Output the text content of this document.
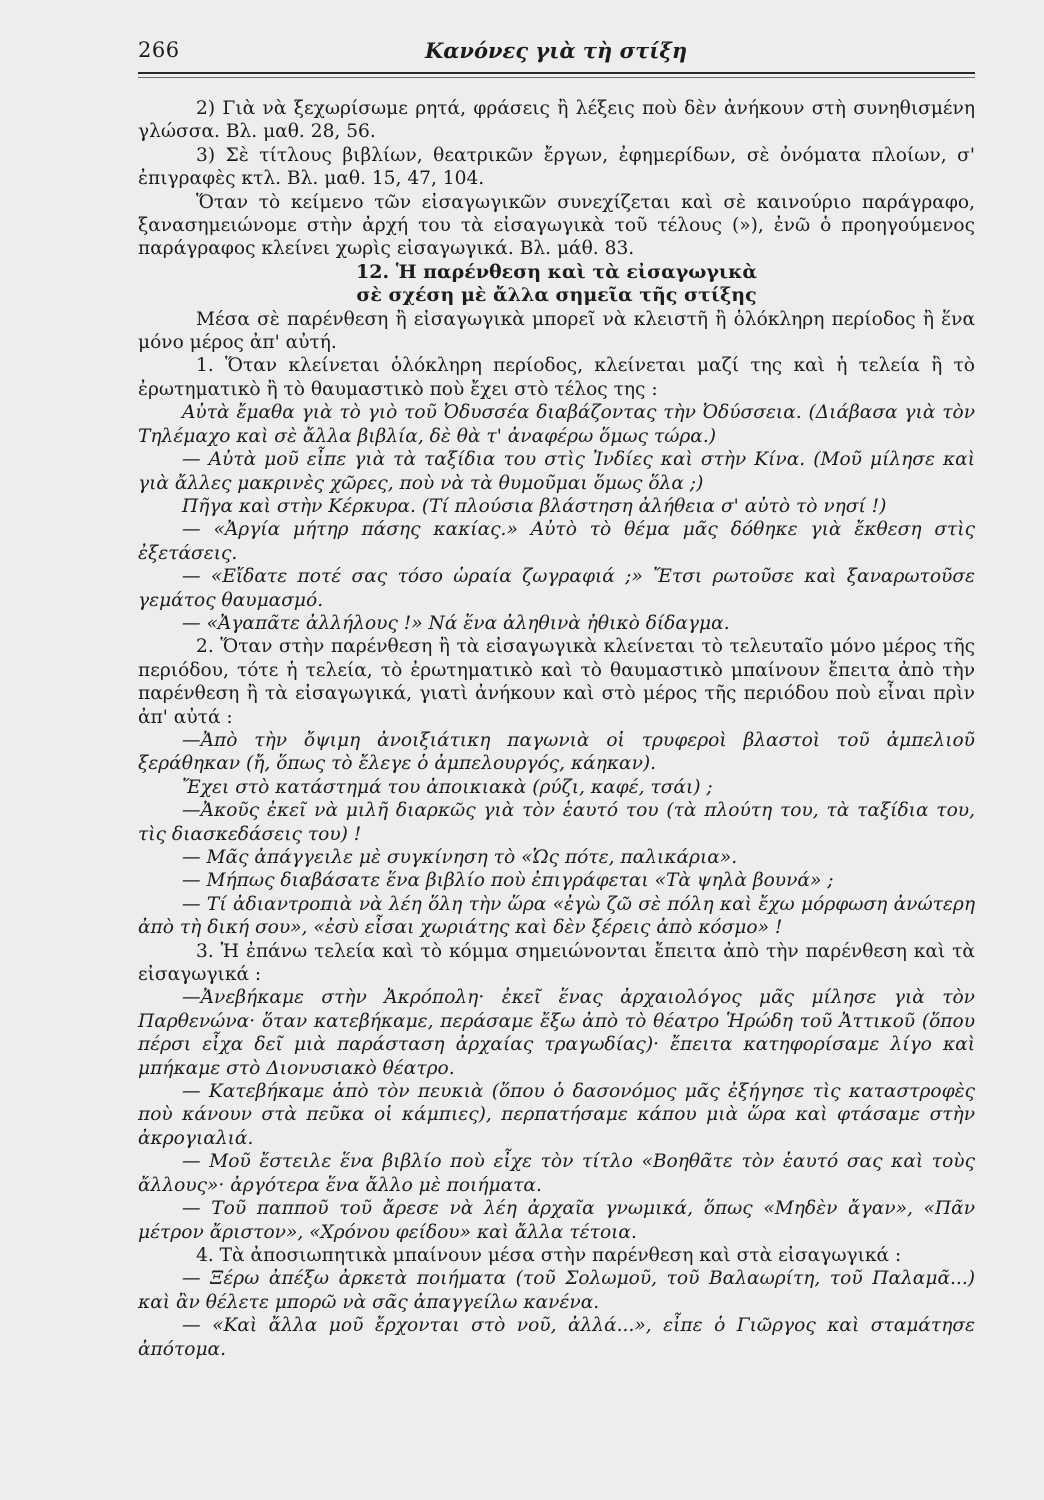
266	Κανόνες γιὰ τὴ στίξη

2) Γιὰ νὰ ξεχωρίσωμε ρητά, φράσεις ἢ λέξεις ποὺ δὲν ἀνήκουν στὴ συνηθισμένη γλώσσα. Βλ. μαθ. 28, 56.

3) Σὲ τίτλους βιβλίων, θεατρικῶν ἔργων, ἐφημερίδων, σὲ ὀνόματα πλοίων, σ' ἐπιγραφὲς κτλ. Βλ. μαθ. 15, 47, 104.

Ὅταν τὸ κείμενο τῶν εἰσαγωγικῶν συνεχίζεται καὶ σὲ καινούριο παράγραφο, ξανασημειώνομε στὴν ἀρχή του τὰ εἰσαγωγικὰ τοῦ τέλους (»), ἐνῶ ὁ προηγούμενος παράγραφος κλείνει χωρὶς εἰσαγωγικά. Βλ. μάθ. 83.

12. Ἡ παρένθεση καὶ τὰ εἰσαγωγικὰ

σὲ σχέση μὲ ἄλλα σημεῖα τῆς στίξης

Μέσα σὲ παρένθεση ἢ εἰσαγωγικὰ μπορεῖ νὰ κλειστῆ ἢ ὁλόκληρη περίοδος ἢ ἕνα μόνο μέρος ἀπ' αὐτή.

1. Ὅταν κλείνεται ὁλόκληρη περίοδος, κλείνεται μαζί της καὶ ἡ τελεία ἢ τὸ ἐρωτηματικὸ ἢ τὸ θαυμαστικὸ ποὺ ἔχει στὸ τέλος της :

Αὐτὰ ἔμαθα γιὰ τὸ γιὸ τοῦ Ὀδυσσέα διαβάζοντας τὴν Ὀδύσσεια. (Διάβασα γιὰ τὸν Τηλέμαχο καὶ σὲ ἄλλα βιβλία, δὲ θὰ τ' ἀναφέρω ὅμως τώρα.)

— Αὐτὰ μοῦ εἶπε γιὰ τὰ ταξίδια του στὶς Ἰνδίες καὶ στὴν Κίνα. (Μοῦ μίλησε καὶ γιὰ ἄλλες μακρινὲς χῶρες, ποὺ νὰ τὰ θυμοῦμαι ὅμως ὅλα ;)

Πῆγα καὶ στὴν Κέρκυρα. (Τί πλούσια βλάστηση ἀλήθεια σ' αὐτὸ τὸ νησί !)

— «Ἀργία μήτηρ πάσης κακίας.» Αὐτὸ τὸ θέμα μᾶς δόθηκε γιὰ ἔκθεση στὶς ἐξετάσεις.

— «Εἴδατε ποτέ σας τόσο ὡραία ζωγραφιά ;» Ἔτσι ρωτοῦσε καὶ ξαναρωτοῦσε γεμάτος θαυμασμό.

— «Ἀγαπᾶτε ἀλλήλους !» Νά ἕνα ἀληθινὰ ἠθικὸ δίδαγμα.

2. Ὅταν στὴν παρένθεση ἢ τὰ εἰσαγωγικὰ κλείνεται τὸ τελευταῖο μόνο μέρος τῆς περιόδου, τότε ἡ τελεία, τὸ ἐρωτηματικὸ καὶ τὸ θαυμαστικὸ μπαίνουν ἔπειτα ἀπὸ τὴν παρένθεση ἢ τὰ εἰσαγωγικά, γιατὶ ἀνήκουν καὶ στὸ μέρος τῆς περιόδου ποὺ εἶναι πρὶν ἀπ' αὐτά :

—Ἀπὸ τὴν ὄψιμη ἀνοιξιάτικη παγωνιὰ οἱ τρυφεροὶ βλαστοὶ τοῦ ἀμπελιοῦ ξεράθηκαν (ἤ, ὅπως τὸ ἔλεγε ὁ ἀμπελουργός, κάηκαν).

Ἔχει στὸ κατάστημά του ἀποικιακὰ (ρύζι, καφέ, τσάι) ;

—Ἀκοῦς ἐκεῖ νὰ μιλῆ διαρκῶς γιὰ τὸν ἑαυτό του (τὰ πλούτη του, τὰ ταξίδια του, τὶς διασκεδάσεις του) !

— Μᾶς ἀπάγγειλε μὲ συγκίνηση τὸ «Ὡς πότε, παλικάρια».

— Μήπως διαβάσατε ἕνα βιβλίο ποὺ ἐπιγράφεται «Τὰ ψηλὰ βουνά» ;

— Τί ἀδιαντροπιὰ νὰ λέη ὅλη τὴν ὥρα «ἐγὼ ζῶ σὲ πόλη καὶ ἔχω μόρφωση ἀνώτερη ἀπὸ τὴ δική σου», «ἐσὺ εἶσαι χωριάτης καὶ δὲν ξέρεις ἀπὸ κόσμο» !

3. Ἡ ἐπάνω τελεία καὶ τὸ κόμμα σημειώνονται ἔπειτα ἀπὸ τὴν παρένθεση καὶ τὰ εἰσαγωγικά :

—Ἀνεβήκαμε στὴν Ἀκρόπολη· ἐκεῖ ἕνας ἀρχαιολόγος μᾶς μίλησε γιὰ τὸν Παρθενώνα· ὅταν κατεβήκαμε, περάσαμε ἔξω ἀπὸ τὸ θέατρο Ἡρώδη τοῦ Ἀττικοῦ (ὅπου πέρσι εἶχα δεῖ μιὰ παράσταση ἀρχαίας τραγωδίας)· ἔπειτα κατηφορίσαμε λίγο καὶ μπήκαμε στὸ Διονυσιακὸ θέατρο.

— Κατεβήκαμε ἀπὸ τὸν πευκιὰ (ὅπου ὁ δασονόμος μᾶς ἐξήγησε τὶς καταστροφὲς ποὺ κάνουν στὰ πεῦκα οἱ κάμπιες), περπατήσαμε κάπου μιὰ ὥρα καὶ φτάσαμε στὴν ἀκρογιαλιά.

— Μοῦ ἔστειλε ἕνα βιβλίο ποὺ εἶχε τὸν τίτλο «Βοηθᾶτε τὸν ἑαυτό σας καὶ τοὺς ἄλλους»· ἀργότερα ἕνα ἄλλο μὲ ποιήματα.

— Τοῦ παπποῦ τοῦ ἄρεσε νὰ λέη ἀρχαῖα γνωμικά, ὅπως «Μηδὲν ἄγαν», «Πᾶν μέτρον ἄριστον», «Χρόνου φείδου» καὶ ἄλλα τέτοια.

4. Τὰ ἀποσιωπητικὰ μπαίνουν μέσα στὴν παρένθεση καὶ στὰ εἰσαγωγικά :

— Ξέρω ἀπέξω ἀρκετὰ ποιήματα (τοῦ Σολωμοῦ, τοῦ Βαλαωρίτη, τοῦ Παλαμᾶ...) καὶ ἂν θέλετε μπορῶ νὰ σᾶς ἀπαγγείλω κανένα.

— «Καὶ ἄλλα μοῦ ἔρχονται στὸ νοῦ, ἀλλά...», εἶπε ὁ Γιῶργος καὶ σταμάτησε ἀπότομα.
